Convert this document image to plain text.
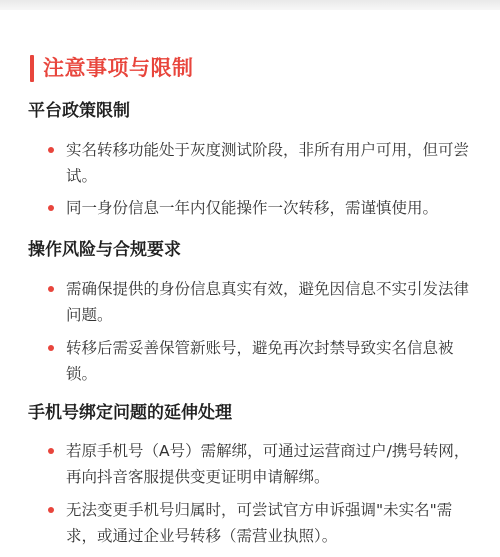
注意事项与限制
平台政策限制
实名转移功能处于灰度测试阶段，非所有用户可用，但可尝试。
同一身份信息一年内仅能操作一次转移，需谨慎使用。
操作风险与合规要求
需确保提供的身份信息真实有效，避免因信息不实引发法律问题。
转移后需妥善保管新账号，避免再次封禁导致实名信息被锁。
手机号绑定问题的延伸处理
若原手机号（A号）需解绑，可通过运营商过户/携号转网，再向抖音客服提供变更证明申请解绑。
无法变更手机号归属时，可尝试官方申诉强调"未实名"需求，或通过企业号转移（需营业执照）。
